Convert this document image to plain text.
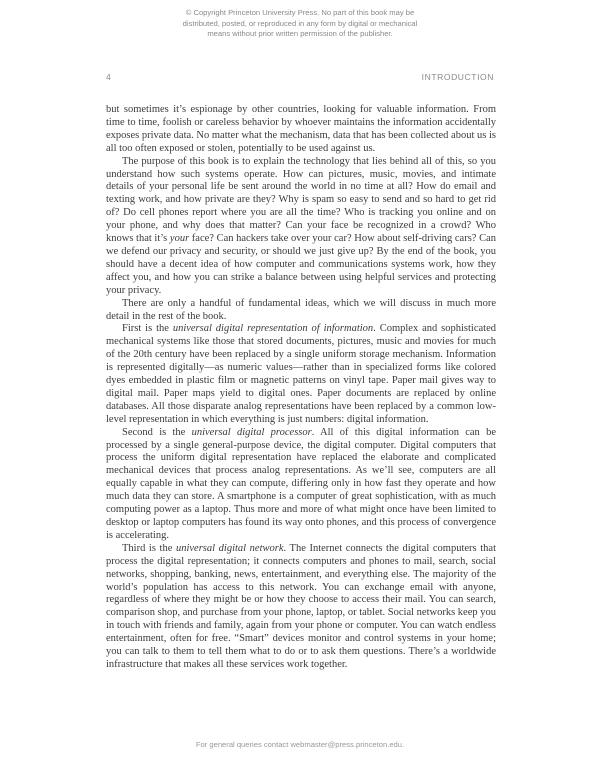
© Copyright Princeton University Press. No part of this book may be distributed, posted, or reproduced in any form by digital or mechanical means without prior written permission of the publisher.
4	INTRODUCTION

but sometimes it’s espionage by other countries, looking for valuable information. From time to time, foolish or careless behavior by whoever maintains the information accidentally exposes private data. No matter what the mechanism, data that has been collected about us is all too often exposed or stolen, potentially to be used against us.

The purpose of this book is to explain the technology that lies behind all of this, so you understand how such systems operate. How can pictures, music, movies, and intimate details of your personal life be sent around the world in no time at all? How do email and texting work, and how private are they? Why is spam so easy to send and so hard to get rid of? Do cell phones report where you are all the time? Who is tracking you online and on your phone, and why does that matter? Can your face be recognized in a crowd? Who knows that it’s your face? Can hackers take over your car? How about self-driving cars? Can we defend our privacy and security, or should we just give up? By the end of the book, you should have a decent idea of how computer and communications systems work, how they affect you, and how you can strike a balance between using helpful services and protecting your privacy.

There are only a handful of fundamental ideas, which we will discuss in much more detail in the rest of the book.

First is the universal digital representation of information. Complex and sophisticated mechanical systems like those that stored documents, pictures, music and movies for much of the 20th century have been replaced by a single uniform storage mechanism. Information is represented digitally—as numeric values—rather than in specialized forms like colored dyes embedded in plastic film or magnetic patterns on vinyl tape. Paper mail gives way to digital mail. Paper maps yield to digital ones. Paper documents are replaced by online databases. All those disparate analog representations have been replaced by a common low-level representation in which everything is just numbers: digital information.

Second is the universal digital processor. All of this digital information can be processed by a single general-purpose device, the digital computer. Digital computers that process the uniform digital representation have replaced the elaborate and complicated mechanical devices that process analog representations. As we’ll see, computers are all equally capable in what they can compute, differing only in how fast they operate and how much data they can store. A smartphone is a computer of great sophistication, with as much computing power as a laptop. Thus more and more of what might once have been limited to desktop or laptop computers has found its way onto phones, and this process of convergence is accelerating.

Third is the universal digital network. The Internet connects the digital computers that process the digital representation; it connects computers and phones to mail, search, social networks, shopping, banking, news, entertainment, and everything else. The majority of the world’s population has access to this network. You can exchange email with anyone, regardless of where they might be or how they choose to access their mail. You can search, comparison shop, and purchase from your phone, laptop, or tablet. Social networks keep you in touch with friends and family, again from your phone or computer. You can watch endless entertainment, often for free. “Smart” devices monitor and control systems in your home; you can talk to them to tell them what to do or to ask them questions. There’s a worldwide infrastructure that makes all these services work together.

For general queries contact webmaster@press.princeton.edu.
